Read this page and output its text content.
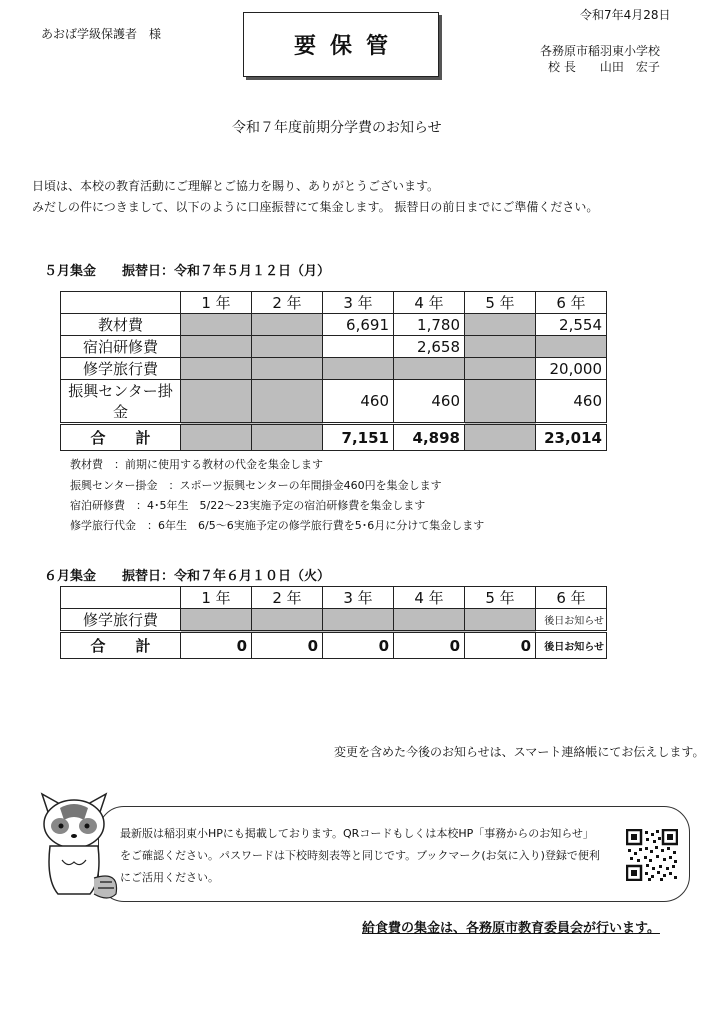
あおば学級保護者　様
令和7年4月28日
要保管	各務原市稲羽東小学校
校 長　　山田　宏子
令和７年度前期分学費のお知らせ
日頃は、本校の教育活動にご理解とご協力を賜り、ありがとうございます。
みだしの件につきまして、以下のように口座振替にて集金します。 振替日の前日までにご準備ください。
５月集金　　振替日：令和７年５月１２日（月）
	1 年	2 年	3 年	4 年	5 年	6 年
教材費			6,691	1,780		2,554
宿泊研修費				2,658		
修学旅行費						20,000
振興センター掛金			460	460		460
合　　計			7,151	4,898		23,014
教材費　：前期に使用する教材の代金を集金します
振興センター掛金　：スポーツ振興センターの年間掛金460円を集金します
宿泊研修費　：4･5年生　5/22～23実施予定の宿泊研修費を集金します
修学旅行代金　：6年生　6/5～6実施予定の修学旅行費を5･6月に分けて集金します
６月集金　　振替日：令和７年６月１０日（火）
	1 年	2 年	3 年	4 年	5 年	6 年
修学旅行費						後日お知らせ
合　　計	0	0	0	0	0	後日お知らせ
変更を含めた今後のお知らせは、スマート連絡帳にてお伝えします。
最新版は稲羽東小HPにも掲載しております。QRコードもしくは本校HP「事務からのお知らせ」
をご確認ください。パスワードは下校時刻表等と同じです。ブックマーク(お気に入り)登録で便利
にご活用ください。
給食費の集金は、各務原市教育委員会が行います。
